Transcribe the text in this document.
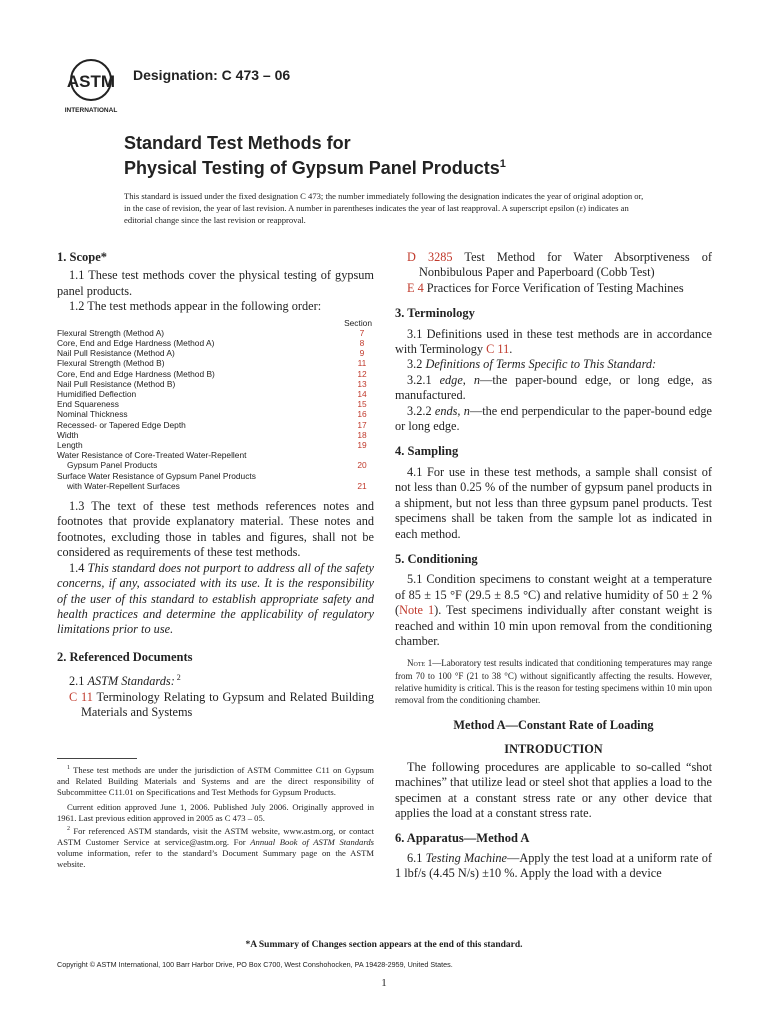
ASTM
INTERNATIONAL
Designation: C 473 – 06
Standard Test Methods for
Physical Testing of Gypsum Panel Products$^1$
This standard is issued under the fixed designation C 473; the number immediately following the designation indicates the year of original adoption or, in the case of revision, the year of last revision. A number in parentheses indicates the year of last reapproval. A superscript epsilon (ε) indicates an editorial change since the last revision or reapproval.
1. Scope*

1.1 These test methods cover the physical testing of gypsum panel products.

1.2 The test methods appear in the following order:

Section
Flexural Strength (Method A)	7
Core, End and Edge Hardness (Method A)	8
Nail Pull Resistance (Method A)	9
Flexural Strength (Method B)	11
Core, End and Edge Hardness (Method B)	12
Nail Pull Resistance (Method B)	13
Humidified Deflection	14
End Squareness	15
Nominal Thickness	16
Recessed- or Tapered Edge Depth	17
Width	18
Length	19
Water Resistance of Core-Treated Water-Repellent
Gypsum Panel Products	20
Surface Water Resistance of Gypsum Panel Products
with Water-Repellent Surfaces	21

1.3 The text of these test methods references notes and footnotes that provide explanatory material. These notes and footnotes, excluding those in tables and figures, shall not be considered as requirements of these test methods.

1.4 This standard does not purport to address all of the safety concerns, if any, associated with its use. It is the responsibility of the user of this standard to establish appropriate safety and health practices and determine the applicability of regulatory limitations prior to use.

2. Referenced Documents

2.1 ASTM Standards: $^2$

C 11 Terminology Relating to Gypsum and Related Building Materials and Systems

$^1$ These test methods are under the jurisdiction of ASTM Committee C11 on Gypsum and Related Building Materials and Systems and are the direct responsibility of Subcommittee C11.01 on Specifications and Test Methods for Gypsum Products.

Current edition approved June 1, 2006. Published July 2006. Originally approved in 1961. Last previous edition approved in 2005 as C 473 – 05.

$^2$ For referenced ASTM standards, visit the ASTM website, www.astm.org, or contact ASTM Customer Service at service@astm.org. For Annual Book of ASTM Standards volume information, refer to the standard’s Document Summary page on the ASTM website.

D 3285 Test Method for Water Absorptiveness of Nonbibulous Paper and Paperboard (Cobb Test)

E 4 Practices for Force Verification of Testing Machines

3. Terminology

3.1 Definitions used in these test methods are in accordance with Terminology C 11.

3.2 Definitions of Terms Specific to This Standard:

3.2.1 edge, n—the paper-bound edge, or long edge, as manufactured.

3.2.2 ends, n—the end perpendicular to the paper-bound edge or long edge.

4. Sampling

4.1 For use in these test methods, a sample shall consist of not less than 0.25 % of the number of gypsum panel products in a shipment, but not less than three gypsum panel products. Test specimens shall be taken from the sample lot as indicated in each method.

5. Conditioning

5.1 Condition specimens to constant weight at a temperature of 85 ± 15 °F (29.5 ± 8.5 °C) and relative humidity of 50 ± 2 % (Note 1). Test specimens individually after constant weight is reached and within 10 min upon removal from the conditioning chamber.

Note 1—Laboratory test results indicated that conditioning temperatures may range from 70 to 100 °F (21 to 38 °C) without significantly affecting the results. However, relative humidity is critical. This is the reason for testing specimens within 10 min upon removal from the conditioning chamber.

Method A—Constant Rate of Loading
INTRODUCTION

The following procedures are applicable to so-called “shot machines” that utilize lead or steel shot that applies a load to the specimen at a constant stress rate or any other device that applies the load at a constant stress rate.

6. Apparatus—Method A

6.1 Testing Machine—Apply the test load at a uniform rate of 1 lbf/s (4.45 N/s) ±10 %. Apply the load with a device

*A Summary of Changes section appears at the end of this standard.
Copyright © ASTM International, 100 Barr Harbor Drive, PO Box C700, West Conshohocken, PA 19428-2959, United States.
1
